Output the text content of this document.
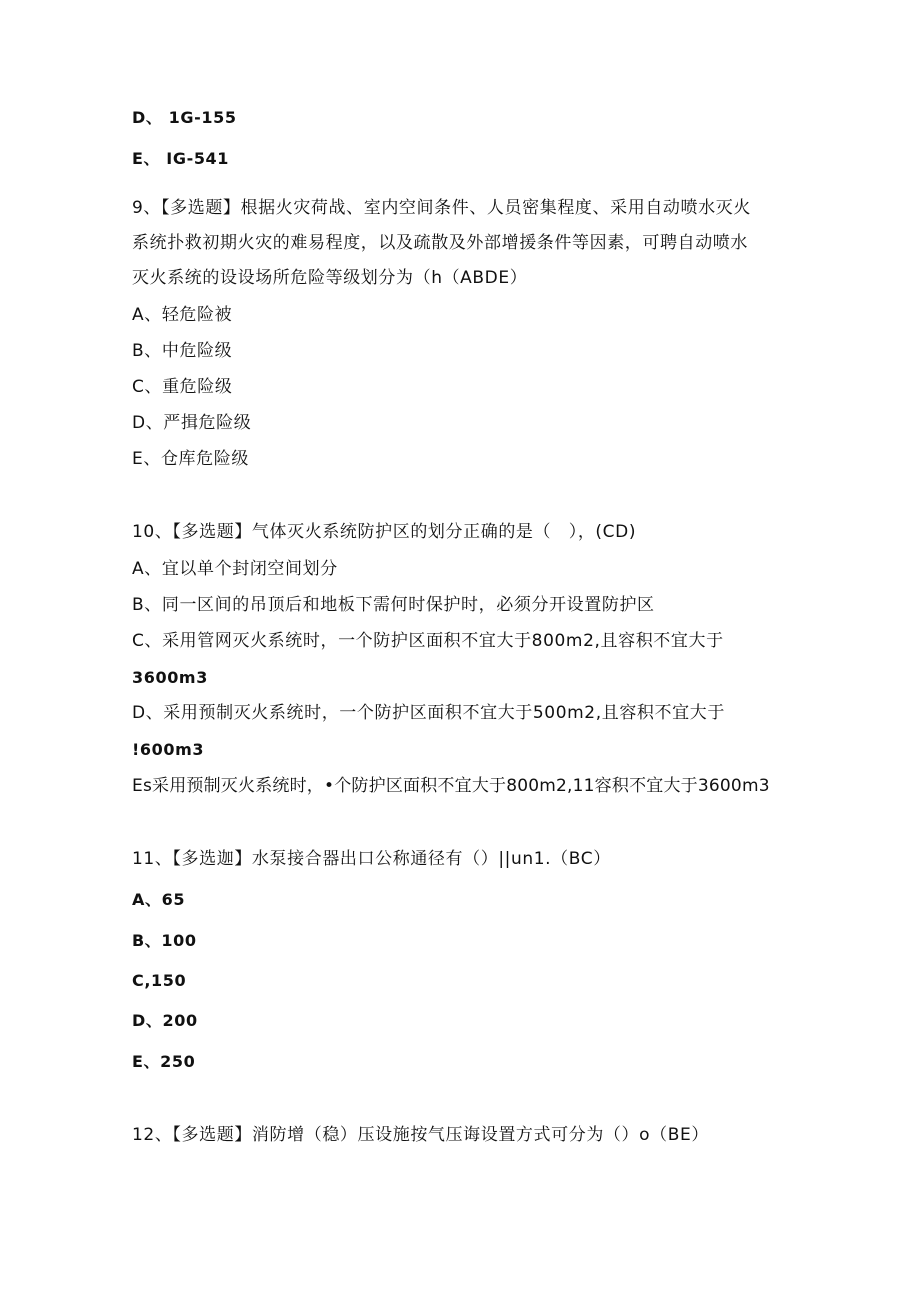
D、 1G-155
E、 IG-541
9、【多选题】根据火灾荷战、室内空间条件、人员密集程度、采用自动喷水灭火
系统扑救初期火灾的难易程度，以及疏散及外部增援条件等因素，可聘自动喷水
灭火系统的设设场所危险等级划分为（h（ABDE）
A、轻危险被
B、中危险级
C、重危险级
D、严揖危险级
E、仓库危险级
10、【多选题】气体灭火系统防护区的划分正确的是（　），(CD)
A、宜以单个封闭空间划分
B、同一区间的吊顶后和地板下需何时保护时，必须分开设置防护区
C、采用管网灭火系统时，一个防护区面积不宜大于800m2,且容积不宜大于
3600m3
D、采用预制灭火系统时，一个防护区面积不宜大于500m2,且容积不宜大于
!600m3
Es采用预制灭火系统时，•个防护区面积不宜大于800m2,11容积不宜大于3600m3
11、【多选迦】水泵接合器出口公称通径有（）||un1.（BC）
A、65
B、100
C,150
D、200
E、250
12、【多选题】消防增（稳）压设施按气压诲设置方式可分为（）o（BE）
